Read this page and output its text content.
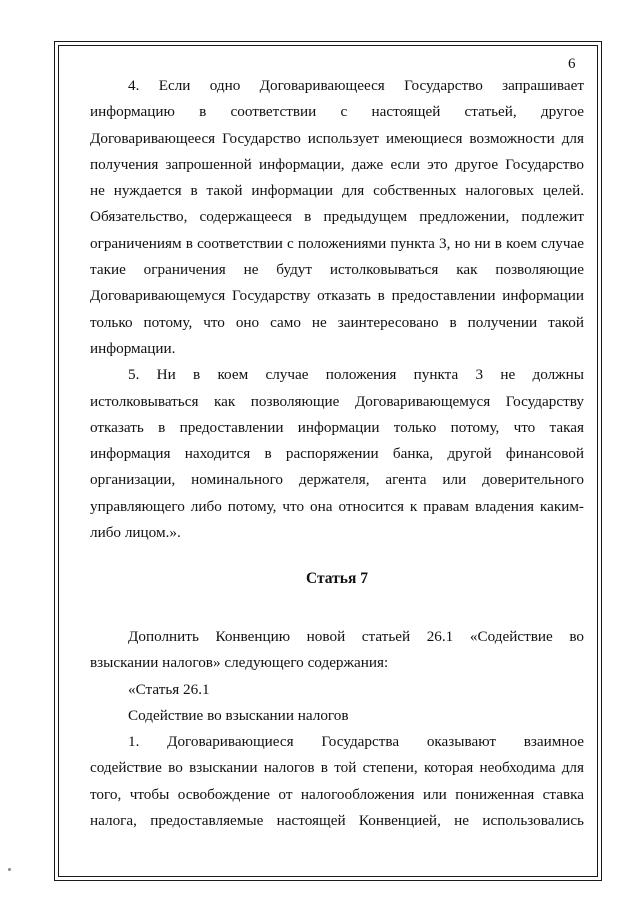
6

4. Если одно Договаривающееся Государство запрашивает
информацию в соответствии с настоящей статьей, другое
Договаривающееся Государство использует имеющиеся возможности для
получения запрошенной информации, даже если это другое Государство
не нуждается в такой информации для собственных налоговых целей.
Обязательство, содержащееся в предыдущем предложении, подлежит
ограничениям в соответствии с положениями пункта 3, но ни в коем случае
такие ограничения не будут истолковываться как позволяющие
Договаривающемуся Государству отказать в предоставлении информации
только потому, что оно само не заинтересовано в получении такой
информации.

5. Ни в коем случае положения пункта 3 не должны
истолковываться как позволяющие Договаривающемуся Государству
отказать в предоставлении информации только потому, что такая
информация находится в распоряжении банка, другой финансовой
организации, номинального держателя, агента или доверительного
управляющего либо потому, что она относится к правам владения каким-
либо лицом.».

Статья 7

Дополнить Конвенцию новой статьей 26.1 «Содействие во
взыскании налогов» следующего содержания:

«Статья 26.1

Содействие во взыскании налогов

1. Договаривающиеся Государства оказывают взаимное
содействие во взыскании налогов в той степени, которая необходима для
того, чтобы освобождение от налогообложения или пониженная ставка
налога, предоставляемые настоящей Конвенцией, не использовались
